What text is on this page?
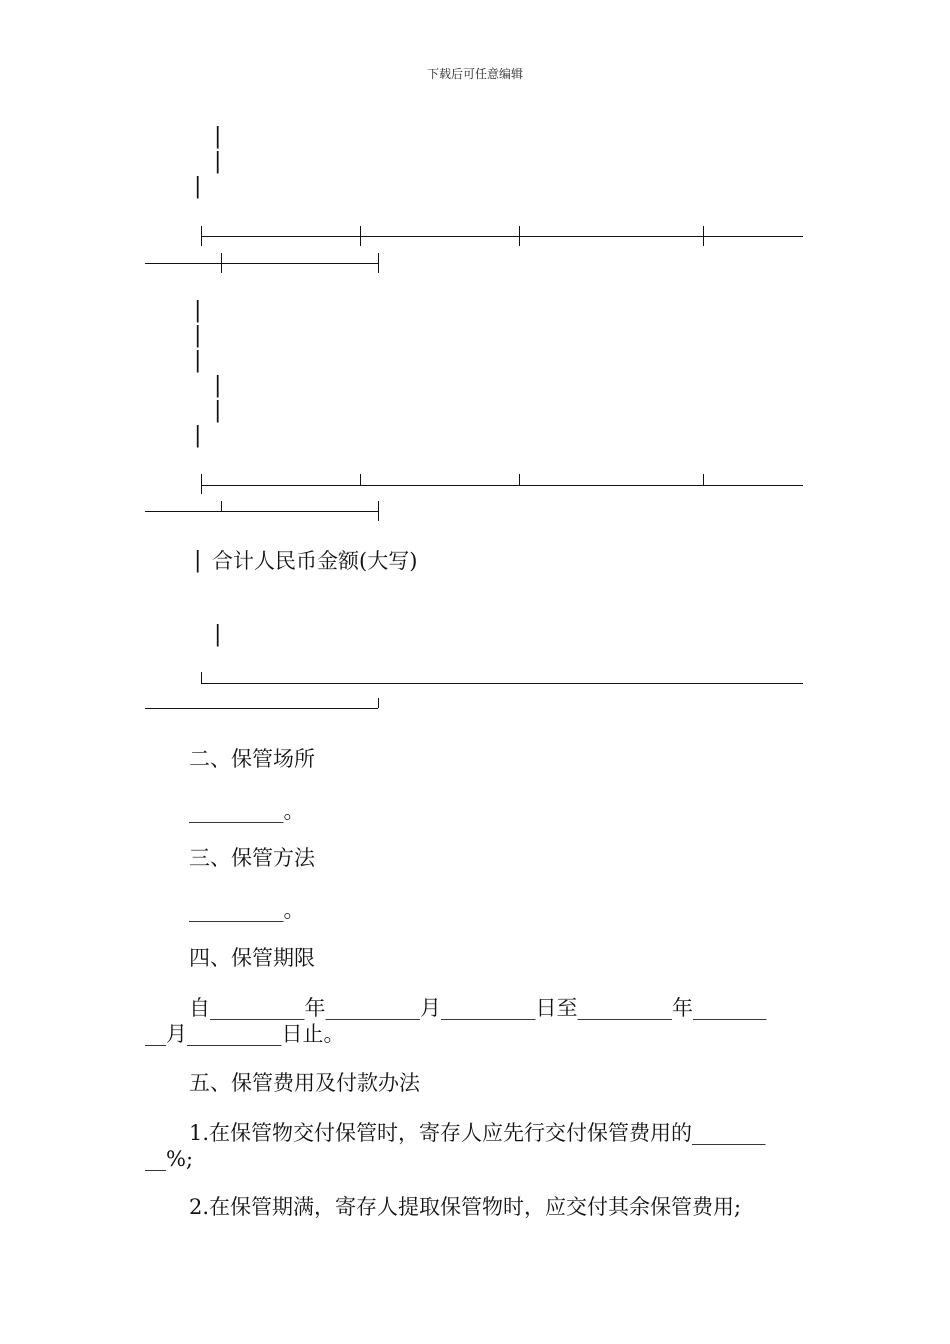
下载后可任意编辑
|
|
|
|
|
|
|
|
|
| 合计人民币金额(大写)
|
二、保管场所
_________。
三、保管方法
_________。
四、保管期限
自_________年_________月_________日至_________年_______
__月_________日止。
五、保管费用及付款办法
1.在保管物交付保管时，寄存人应先行交付保管费用的_______
__%;
2.在保管期满，寄存人提取保管物时，应交付其余保管费用;
